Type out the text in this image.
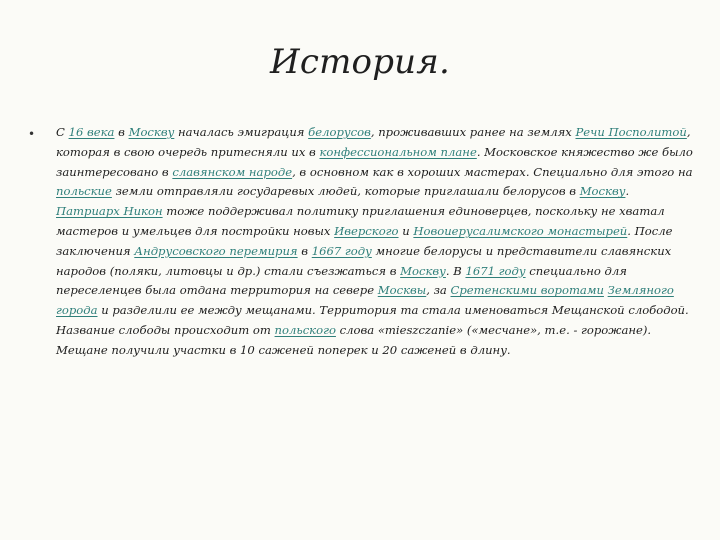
История.
• С 16 века в Москву началась эмиграция белорусов, проживавших ранее на землях Речи Посполитой, которая в свою очередь притесняли их в конфессиональном плане. Московское княжество же было заинтересовано в славянском народе, в основном как в хороших мастерах. Специально для этого на польские земли отправляли государевых людей, которые приглашали белорусов в Москву. Патриарх Никон тоже поддерживал политику приглашения единоверцев, поскольку не хватал мастеров и умельцев для постройки новых Иверского и Новоиерусалимского монастырей. После заключения Андрусовского перемирия в 1667 году многие белорусы и представители славянских народов (поляки, литовцы и др.) стали съезжаться в Москву. В 1671 году специально для переселенцев была отдана территория на севере Москвы, за Сретенскими воротами Земляного города и разделили ее между мещанами. Территория та стала именоваться Мещанской слободой. Название слободы происходит от польского слова «mieszczanie» («месчане», т.е. - горожане). Мещане получили участки в 10 саженей поперек и 20 саженей в длину.
